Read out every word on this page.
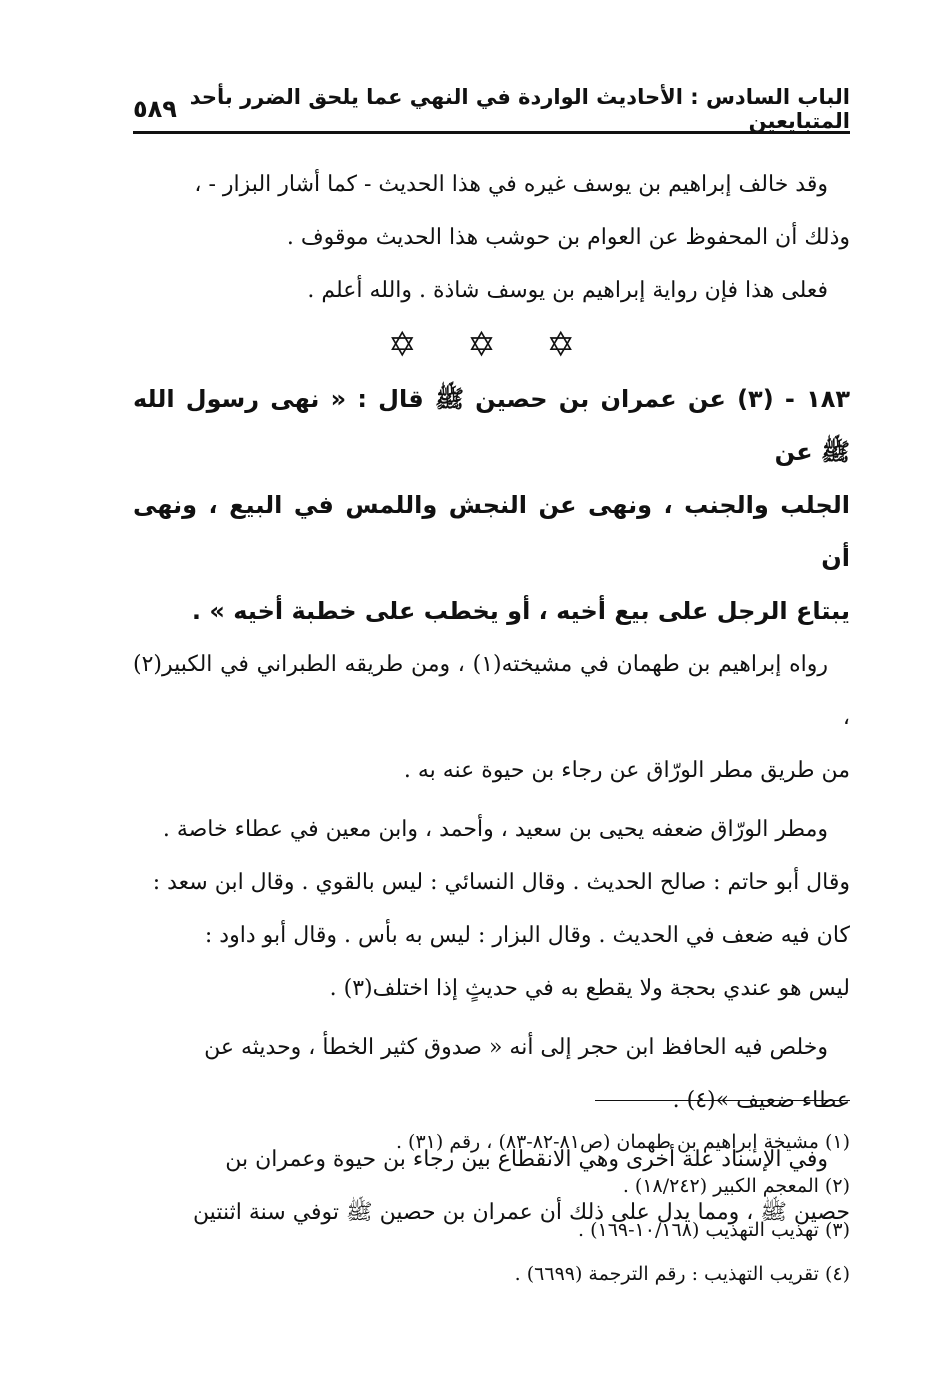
الباب السادس : الأحاديث الواردة في النهي عما يلحق الضرر بأحد المتبايعين
٥٨٩

وقد خالف إبراهيم بن يوسف غيره في هذا الحديث - كما أشار البزار - ،

وذلك أن المحفوظ عن العوام بن حوشب هذا الحديث موقوف .

فعلى هذا فإن رواية إبراهيم بن يوسف شاذة . والله أعلم .

✡ ✡ ✡

١٨٣ - (٣) عن عمران بن حصين ﷺ قال : « نهى رسول الله ﷺ عن

الجلب والجنب ، ونهى عن النجش واللمس في البيع ، ونهى أن

يبتاع الرجل على بيع أخيه ، أو يخطب على خطبة أخيه » .

رواه إبراهيم بن طهمان في مشيخته(١) ، ومن طريقه الطبراني في الكبير(٢) ،

من طريق مطر الورّاق عن رجاء بن حيوة عنه به .

ومطر الورّاق ضعفه يحيى بن سعيد ، وأحمد ، وابن معين في عطاء خاصة .

وقال أبو حاتم : صالح الحديث . وقال النسائي : ليس بالقوي . وقال ابن سعد :

كان فيه ضعف في الحديث . وقال البزار : ليس به بأس . وقال أبو داود :

ليس هو عندي بحجة ولا يقطع به في حديثٍ إذا اختلف(٣) .

وخلص فيه الحافظ ابن حجر إلى أنه « صدوق كثير الخطأ ، وحديثه عن

عطاء ضعيف »(٤) .

وفي الإسناد علة أخرى وهي الانقطاع بين رجاء بن حيوة وعمران بن

حصين ﷺ ، ومما يدل على ذلك أن عمران بن حصين ﷺ توفي سنة اثنتين

(١) مشيخة إبراهيم بن طهمان (ص٨١-٨٢-٨٣) ، رقم (٣١) .
(٢) المعجم الكبير (١٨/٢٤٢) .
(٣) تهذيب التهذيب (١٠/١٦٨-١٦٩) .
(٤) تقريب التهذيب : رقم الترجمة (٦٦٩٩) .
